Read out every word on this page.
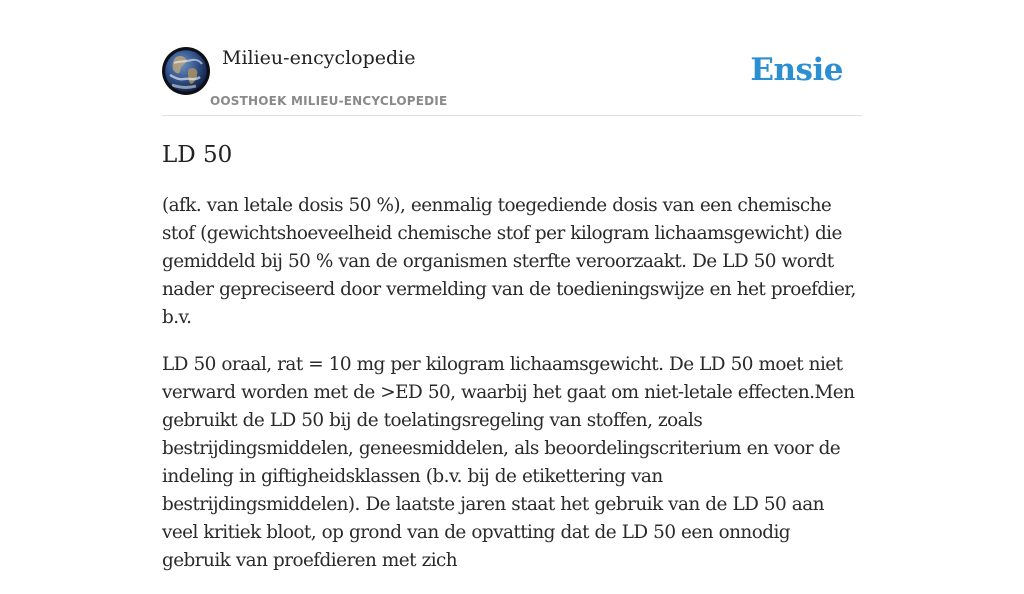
Milieu-encyclopedie
OOSTHOEK MILIEU-ENCYCLOPEDIE
Ensie
LD 50

(afk. van letale dosis 50 %), eenmalig toegediende dosis van een chemische stof (gewichtshoeveelheid chemische stof per kilogram lichaamsgewicht) die gemiddeld bij 50 % van de organismen sterfte veroorzaakt. De LD 50 wordt nader gepreciseerd door vermelding van de toedieningswijze en het proefdier, b.v.

LD 50 oraal, rat = 10 mg per kilogram lichaamsgewicht. De LD 50 moet niet verward worden met de >ED 50, waarbij het gaat om niet-letale effecten.Men gebruikt de LD 50 bij de toelatingsregeling van stoffen, zoals bestrijdingsmiddelen, geneesmiddelen, als beoordelingscriterium en voor de indeling in giftigheidsklassen (b.v. bij de etikettering van bestrijdingsmiddelen). De laatste jaren staat het gebruik van de LD 50 aan veel kritiek bloot, op grond van de opvatting dat de LD 50 een onnodig gebruik van proefdieren met zich
